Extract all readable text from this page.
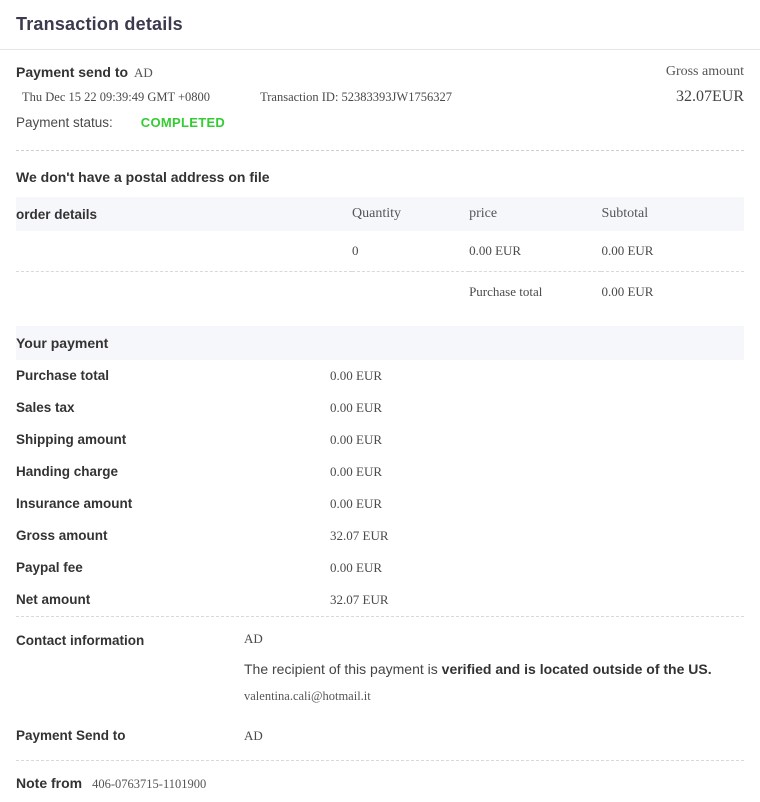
Transaction details
Payment send to AD	Gross amount
32.07EUR
Thu Dec 15 22 09:39:49 GMT +0800	Transaction ID: 52383393JW1756327
Payment status: COMPLETED
We don't have a postal address on file
order details	Quantity	price	Subtotal
	0	0.00 EUR	0.00 EUR
		Purchase total	0.00 EUR
Your payment
Purchase total	0.00 EUR
Sales tax	0.00 EUR
Shipping amount	0.00 EUR
Handing charge	0.00 EUR
Insurance amount	0.00 EUR
Gross amount	32.07 EUR
Paypal fee	0.00 EUR
Net amount	32.07 EUR
Contact information	AD
The recipient of this payment is verified and is located outside of the US.
valentina.cali@hotmail.it
Payment Send to	AD
Note from 406-0763715-1101900
